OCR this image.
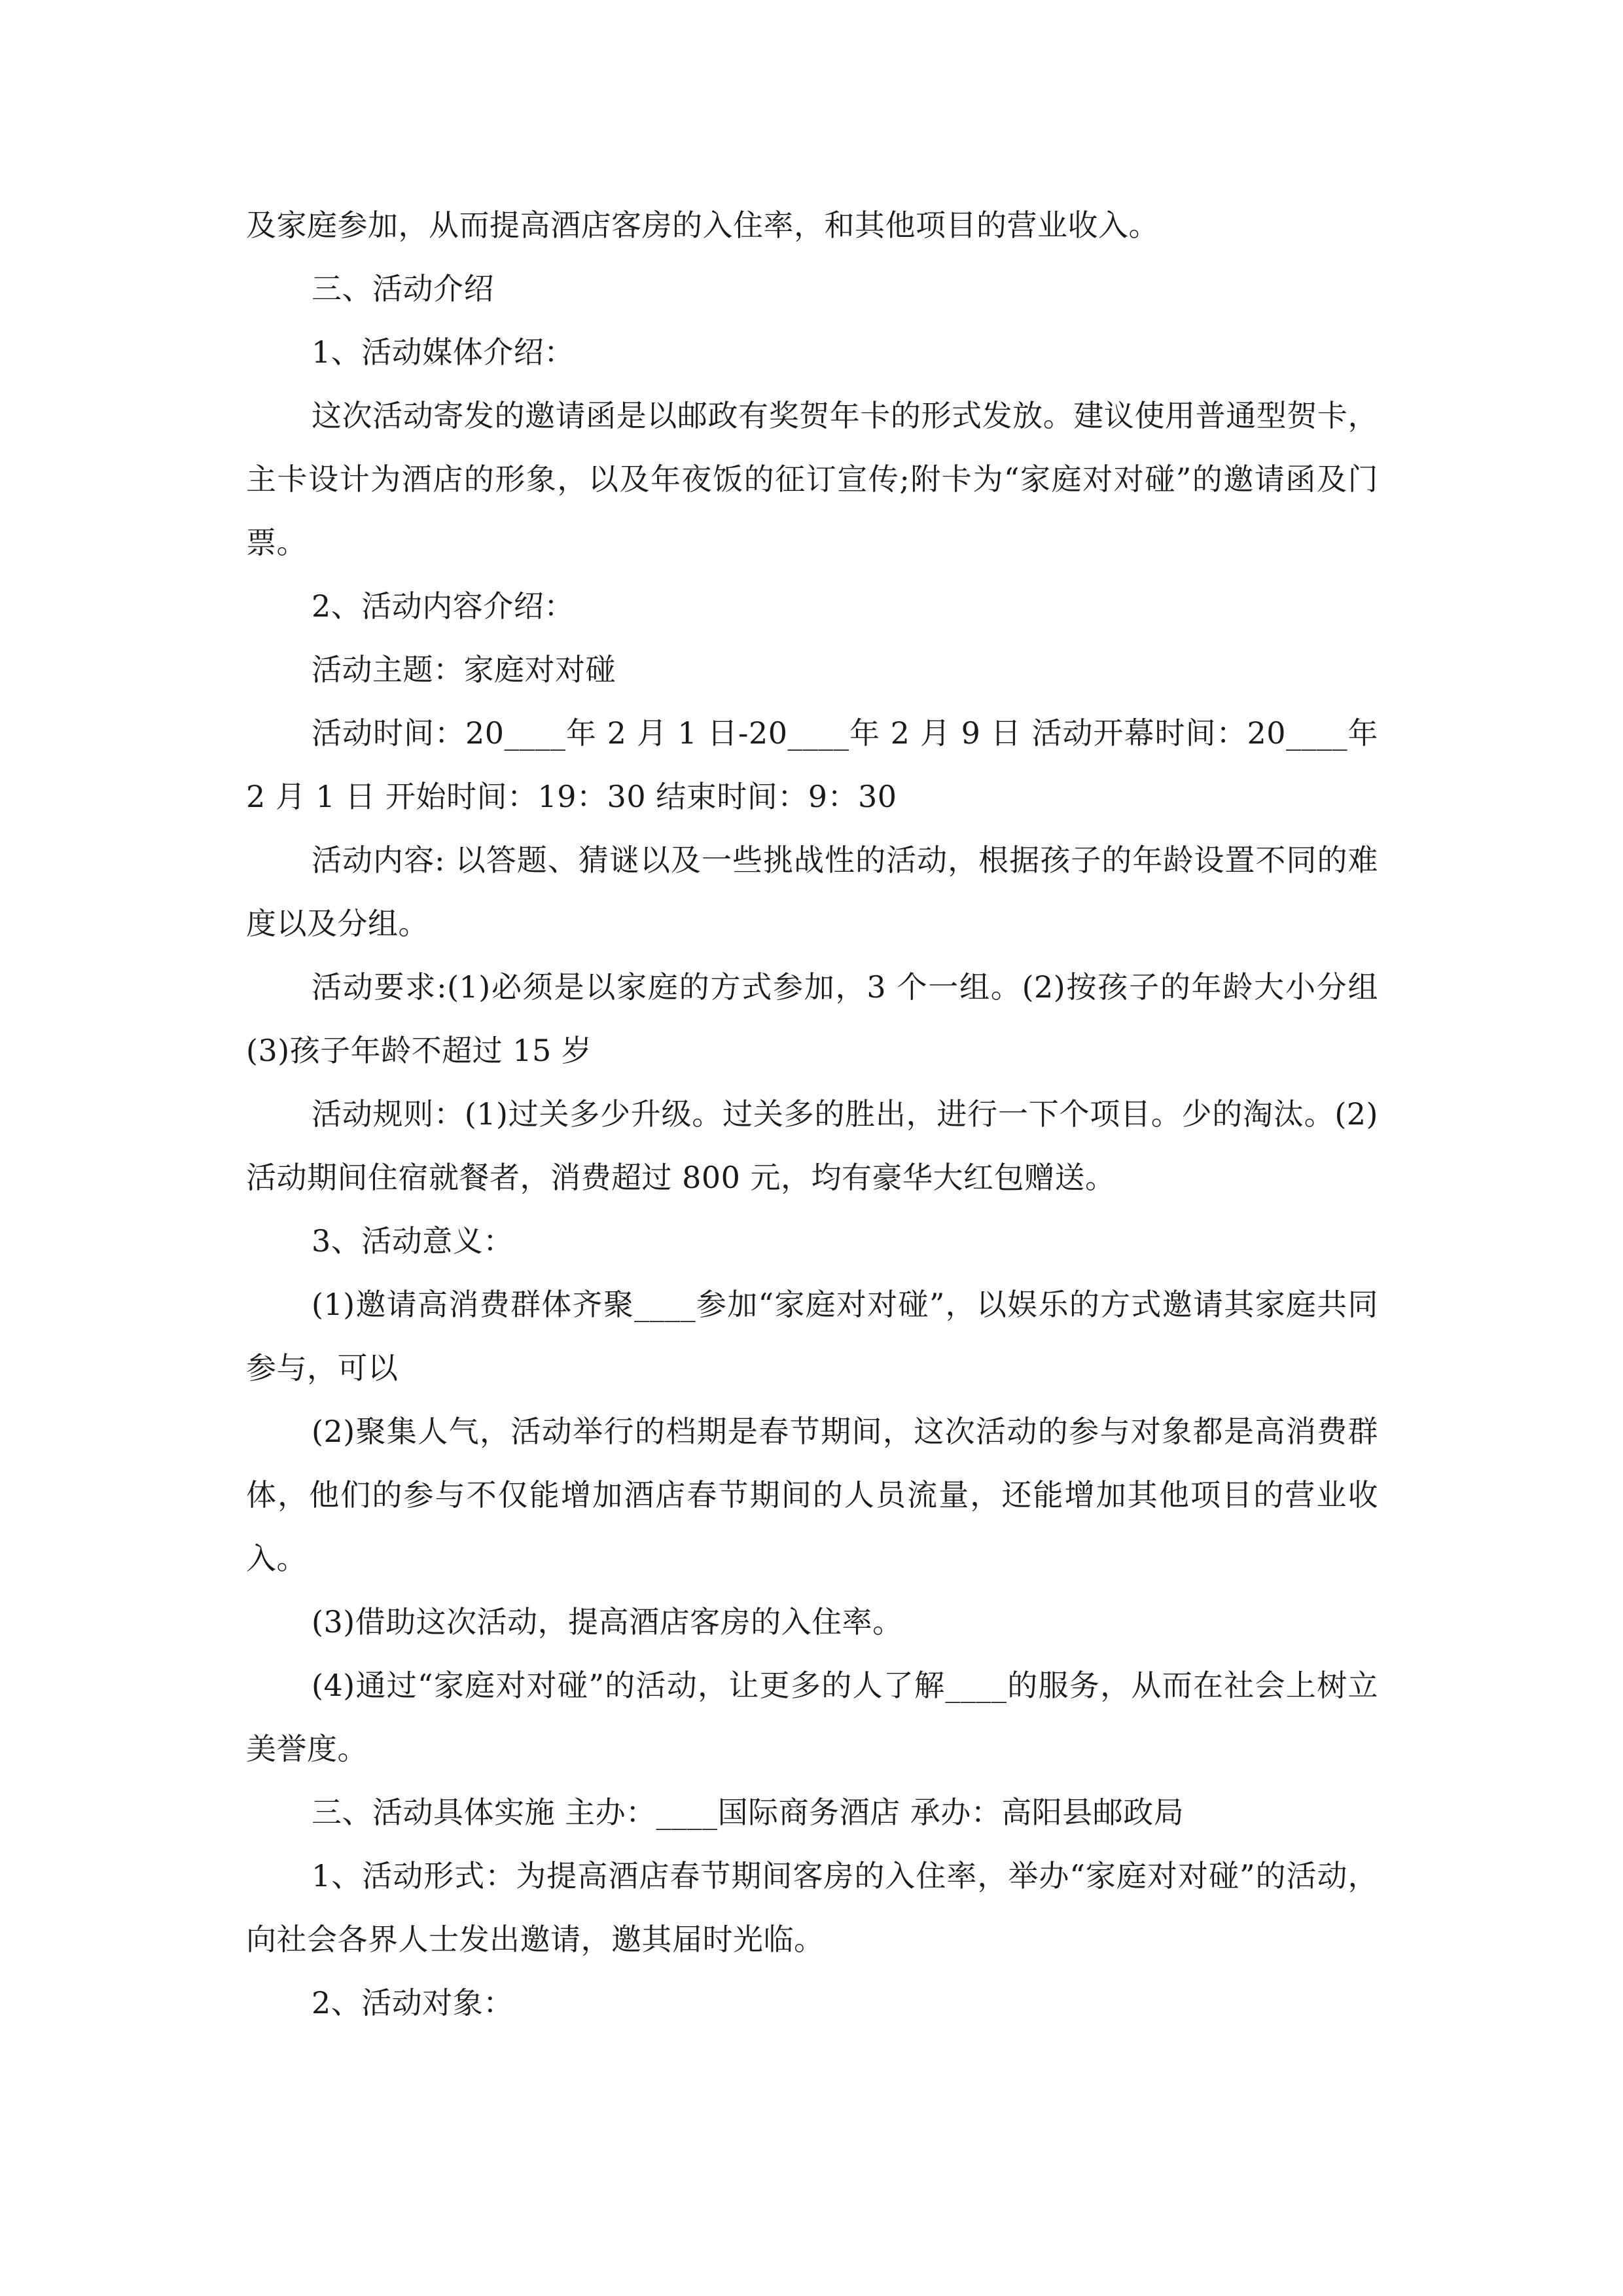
及家庭参加，从而提高酒店客房的入住率，和其他项目的营业收入。

三、活动介绍

1、活动媒体介绍：

这次活动寄发的邀请函是以邮政有奖贺年卡的形式发放。建议使用普通型贺卡，主卡设计为酒店的形象，以及年夜饭的征订宣传;附卡为“家庭对对碰”的邀请函及门票。

2、活动内容介绍：

活动主题：家庭对对碰

活动时间：20____年 2 月 1 日-20____年 2 月 9 日 活动开幕时间：20____年2 月 1 日 开始时间：19：30 结束时间：9：30

活动内容: 以答题、猜谜以及一些挑战性的活动，根据孩子的年龄设置不同的难度以及分组。

活动要求:(1)必须是以家庭的方式参加，3 个一组。(2)按孩子的年龄大小分组 (3)孩子年龄不超过 15 岁

活动规则：(1)过关多少升级。过关多的胜出，进行一下个项目。少的淘汰。(2)活动期间住宿就餐者，消费超过 800 元，均有豪华大红包赠送。

3、活动意义：

(1)邀请高消费群体齐聚____参加“家庭对对碰”，以娱乐的方式邀请其家庭共同参与，可以

(2)聚集人气，活动举行的档期是春节期间，这次活动的参与对象都是高消费群体，他们的参与不仅能增加酒店春节期间的人员流量，还能增加其他项目的营业收入。

(3)借助这次活动，提高酒店客房的入住率。

(4)通过“家庭对对碰”的活动，让更多的人了解____的服务，从而在社会上树立美誉度。

三、活动具体实施 主办：____国际商务酒店 承办：高阳县邮政局

1、活动形式：为提高酒店春节期间客房的入住率，举办“家庭对对碰”的活动，向社会各界人士发出邀请，邀其届时光临。

2、活动对象：
